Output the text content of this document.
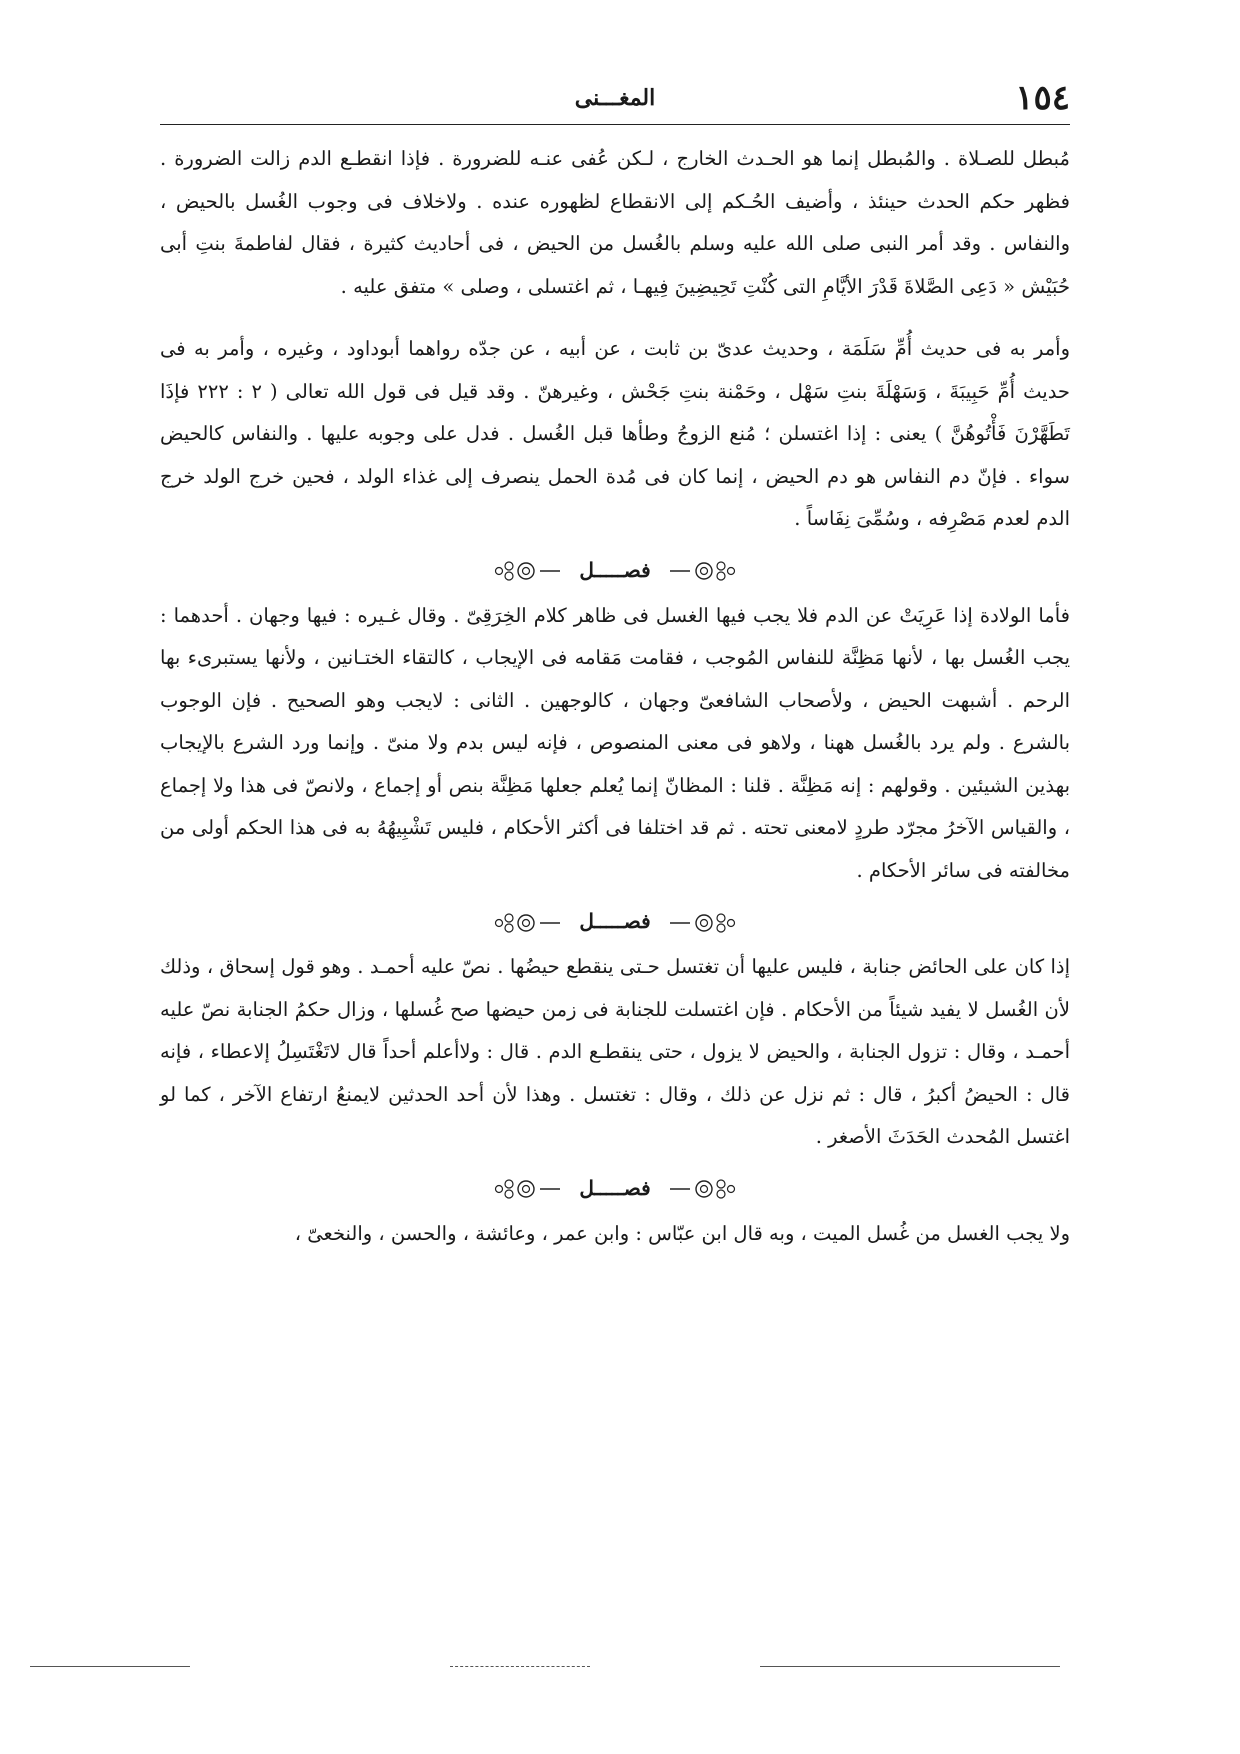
١٥٤
المغـــنى

مُبطل للصـلاة . والمُبطل إنما هو الحـدث الخارج ، لـكن عُفى عنـه للضرورة . فإذا انقطـع الدم زالت الضرورة . فظهر حكم الحدث حينئذ ، وأضيف الحُـكم إلى الانقطاع لظهوره عنده . ولاخلاف فى وجوب الغُسل بالحيض ، والنفاس . وقد أمر النبى صلى الله عليه وسلم بالغُسل من الحيض ، فى أحاديث كثيرة ، فقال لفاطمةَ بنتِ أبى حُبَيْش « دَعِى الصَّلاةَ قَدْرَ الأيَّامِ التى كُنْتِ تَحِيضِينَ فِيهـا ، ثم اغتسلى ، وصلى » متفق عليه .

وأمر به فى حديث أُمِّ سَلَمَة ، وحديث عدىّ بن ثابت ، عن أبيه ، عن جدّه رواهما أبوداود ، وغيره ، وأمر به فى حديث أُمِّ حَبِيبَةَ ، وَسَهْلَةَ بنتِ سَهْل ، وحَمْنة بنتِ جَحْش ، وغيرهنّ . وقد قيل فى قول الله تعالى ( ٢ : ٢٢٢ فإذَا تَطَهَّرْنَ فَأْتُوهُنَّ ) يعنى : إذا اغتسلن ؛ مُنع الزوجُ وطأها قبل الغُسل . فدل على وجوبه عليها . والنفاس كالحيض سواء . فإنّ دم النفاس هو دم الحيض ، إنما كان فى مُدة الحمل ينصرف إلى غذاء الولد ، فحين خرج الولد خرج الدم لعدم مَصْرِفه ، وسُمِّىَ نِفَاساً .

فصـــــل

فأما الولادة إذا عَرِيَتْ عن الدم فلا يجب فيها الغسل فى ظاهر كلام الخِرَقِىّ . وقال غـيره : فيها وجهان . أحدهما : يجب الغُسل بها ، لأنها مَظِنَّة للنفاس المُوجب ، فقامت مَقامه فى الإيجاب ، كالتقاء الختـانين ، ولأنها يستبرىء بها الرحم . أشبهت الحيض ، ولأصحاب الشافعىّ وجهان ، كالوجهين . الثانى : لايجب وهو الصحيح . فإن الوجوب بالشرع . ولم يرد بالغُسل ههنا ، ولاهو فى معنى المنصوص ، فإنه ليس بدم ولا منىّ . وإنما ورد الشرع بالإيجاب بهذين الشيئين . وقولهم : إنه مَظِنَّة . قلنا : المظانّ إنما يُعلم جعلها مَظِنَّة بنص أو إجماع ، ولانصّ فى هذا ولا إجماع ، والقياس الآخرُ مجرّد طردٍ لامعنى تحته . ثم قد اختلفا فى أكثر الأحكام ، فليس تَشْبِيهُهُ به فى هذا الحكم أولى من مخالفته فى سائر الأحكام .

فصـــــل

إذا كان على الحائض جنابة ، فليس عليها أن تغتسل حـتى ينقطع حيضُها . نصّ عليه أحمـد . وهو قول إسحاق ، وذلك لأن الغُسل لا يفيد شيئاً من الأحكام . فإن اغتسلت للجنابة فى زمن حيضها صح غُسلها ، وزال حكمُ الجنابة نصّ عليه أحمـد ، وقال : تزول الجنابة ، والحيض لا يزول ، حتى ينقطـع الدم . قال : ولاأعلم أحداً قال لاتَغْتَسِلُ إلاعطاء ، فإنه قال : الحيضُ أكبرُ ، قال : ثم نزل عن ذلك ، وقال : تغتسل . وهذا لأن أحد الحدثين لايمنعُ ارتفاع الآخر ، كما لو اغتسل المُحدث الحَدَثَ الأصغر .

فصـــــل

ولا يجب الغسل من غُسل الميت ، وبه قال ابن عبّاس : وابن عمر ، وعائشة ، والحسن ، والنخعىّ ،
